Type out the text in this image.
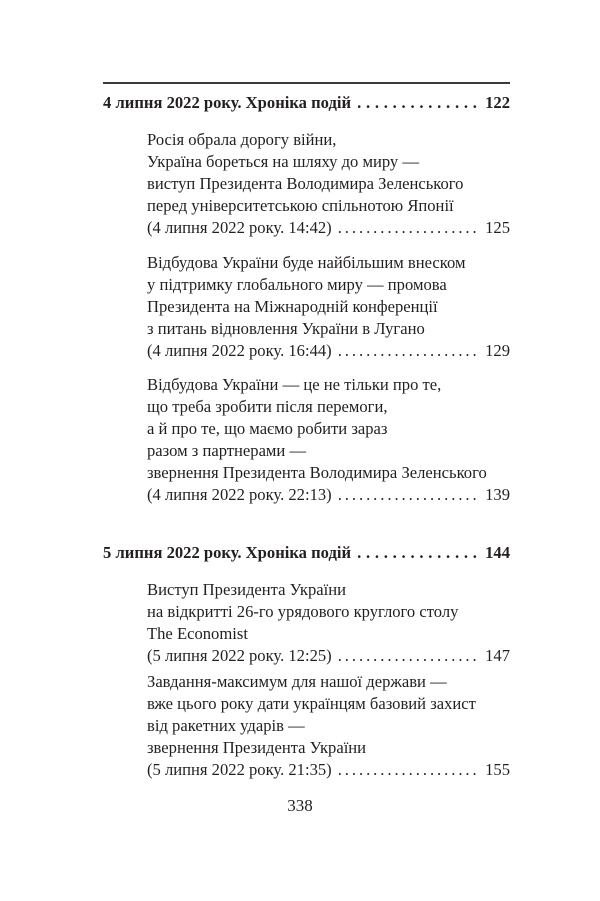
4 липня 2022 року. Хроніка подій . . .	122
Росія обрала дорогу війни,
Україна бореться на шляху до миру —
виступ Президента Володимира Зеленського
перед університетською спільнотою Японії
(4 липня 2022 року. 14:42) . . .	125
Відбудова України буде найбільшим внеском
у підтримку глобального миру — промова
Президента на Міжнародній конференції
з питань відновлення України в Лугано
(4 липня 2022 року. 16:44) . . .	129
Відбудова України — це не тільки про те,
що треба зробити після перемоги,
а й про те, що маємо робити зараз
разом з партнерами —
звернення Президента Володимира Зеленського
(4 липня 2022 року. 22:13) . . .	139
5 липня 2022 року. Хроніка подій . . .	144
Виступ Президента України
на відкритті 26-го урядового круглого столу
The Economist
(5 липня 2022 року. 12:25) . . .	147
Завдання-максимум для нашої держави —
вже цього року дати українцям базовий захист
від ракетних ударів —
звернення Президента України
(5 липня 2022 року. 21:35) . . .	155
338
